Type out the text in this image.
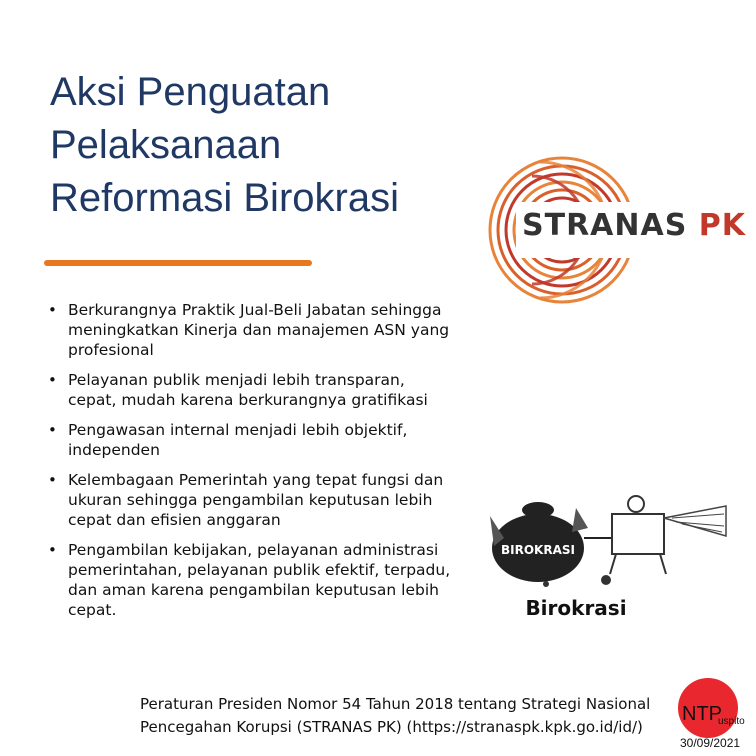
Aksi Penguatan
Pelaksanaan
Reformasi Birokrasi
• Berkurangnya Praktik Jual-Beli Jabatan sehingga meningkatkan Kinerja dan manajemen ASN yang profesional
• Pelayanan publik menjadi lebih transparan, cepat, mudah karena berkurangnya gratifikasi
• Pengawasan internal menjadi lebih objektif, independen
• Kelembagaan Pemerintah yang tepat fungsi dan ukuran sehingga pengambilan keputusan lebih cepat dan efisien anggaran
• Pengambilan kebijakan, pelayanan administrasi pemerintahan, pelayanan publik efektif, terpadu, dan aman karena pengambilan keputusan lebih cepat.
STRANAS PK
BIROKRASI
Birokrasi
Peraturan Presiden Nomor 54 Tahun 2018 tentang Strategi Nasional
Pencegahan Korupsi (STRANAS PK) (https://stranaspk.kpk.go.id/id/)
NTP
uspito
30/09/2021
